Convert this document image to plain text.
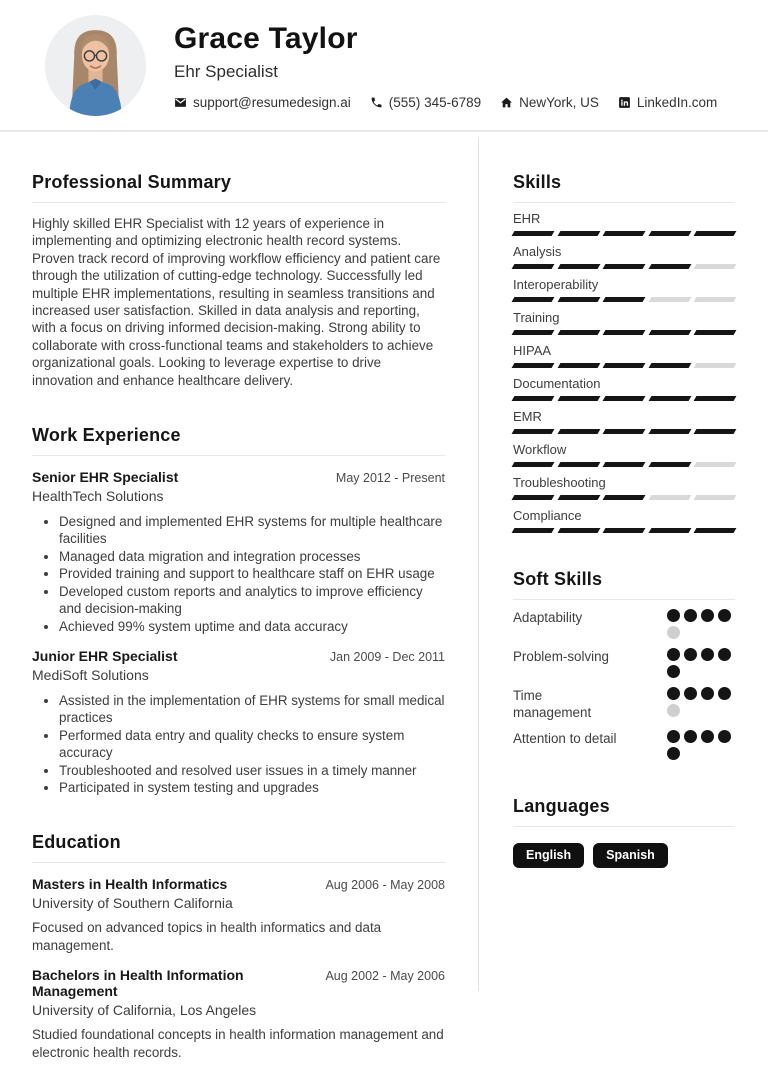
Grace Taylor
Ehr Specialist
support@resumedesign.ai	(555) 345-6789	NewYork, US	LinkedIn.com
Professional Summary

Highly skilled EHR Specialist with 12 years of experience in implementing and optimizing electronic health record systems. Proven track record of improving workflow efficiency and patient care through the utilization of cutting-edge technology. Successfully led multiple EHR implementations, resulting in seamless transitions and increased user satisfaction. Skilled in data analysis and reporting, with a focus on driving informed decision-making. Strong ability to collaborate with cross-functional teams and stakeholders to achieve organizational goals. Looking to leverage expertise to drive innovation and enhance healthcare delivery.

Work Experience
Senior EHR Specialist	May 2012 - Present
HealthTech Solutions
• Designed and implemented EHR systems for multiple healthcare facilities
• Managed data migration and integration processes
• Provided training and support to healthcare staff on EHR usage
• Developed custom reports and analytics to improve efficiency and decision-making
• Achieved 99% system uptime and data accuracy
Junior EHR Specialist	Jan 2009 - Dec 2011
MediSoft Solutions
• Assisted in the implementation of EHR systems for small medical practices
• Performed data entry and quality checks to ensure system accuracy
• Troubleshooted and resolved user issues in a timely manner
• Participated in system testing and upgrades
Education
Masters in Health Informatics	Aug 2006 - May 2008
University of Southern California

Focused on advanced topics in health informatics and data management.

Bachelors in Health Information Management
Aug 2002 - May 2006
University of California, Los Angeles

Studied foundational concepts in health information management and electronic health records.

Skills
EHR
Analysis
Interoperability
Training
HIPAA
Documentation
EMR
Workflow
Troubleshooting
Compliance
Soft Skills
Adaptability
Problem-solving
Time management
Attention to detail
Languages
English	Spanish
